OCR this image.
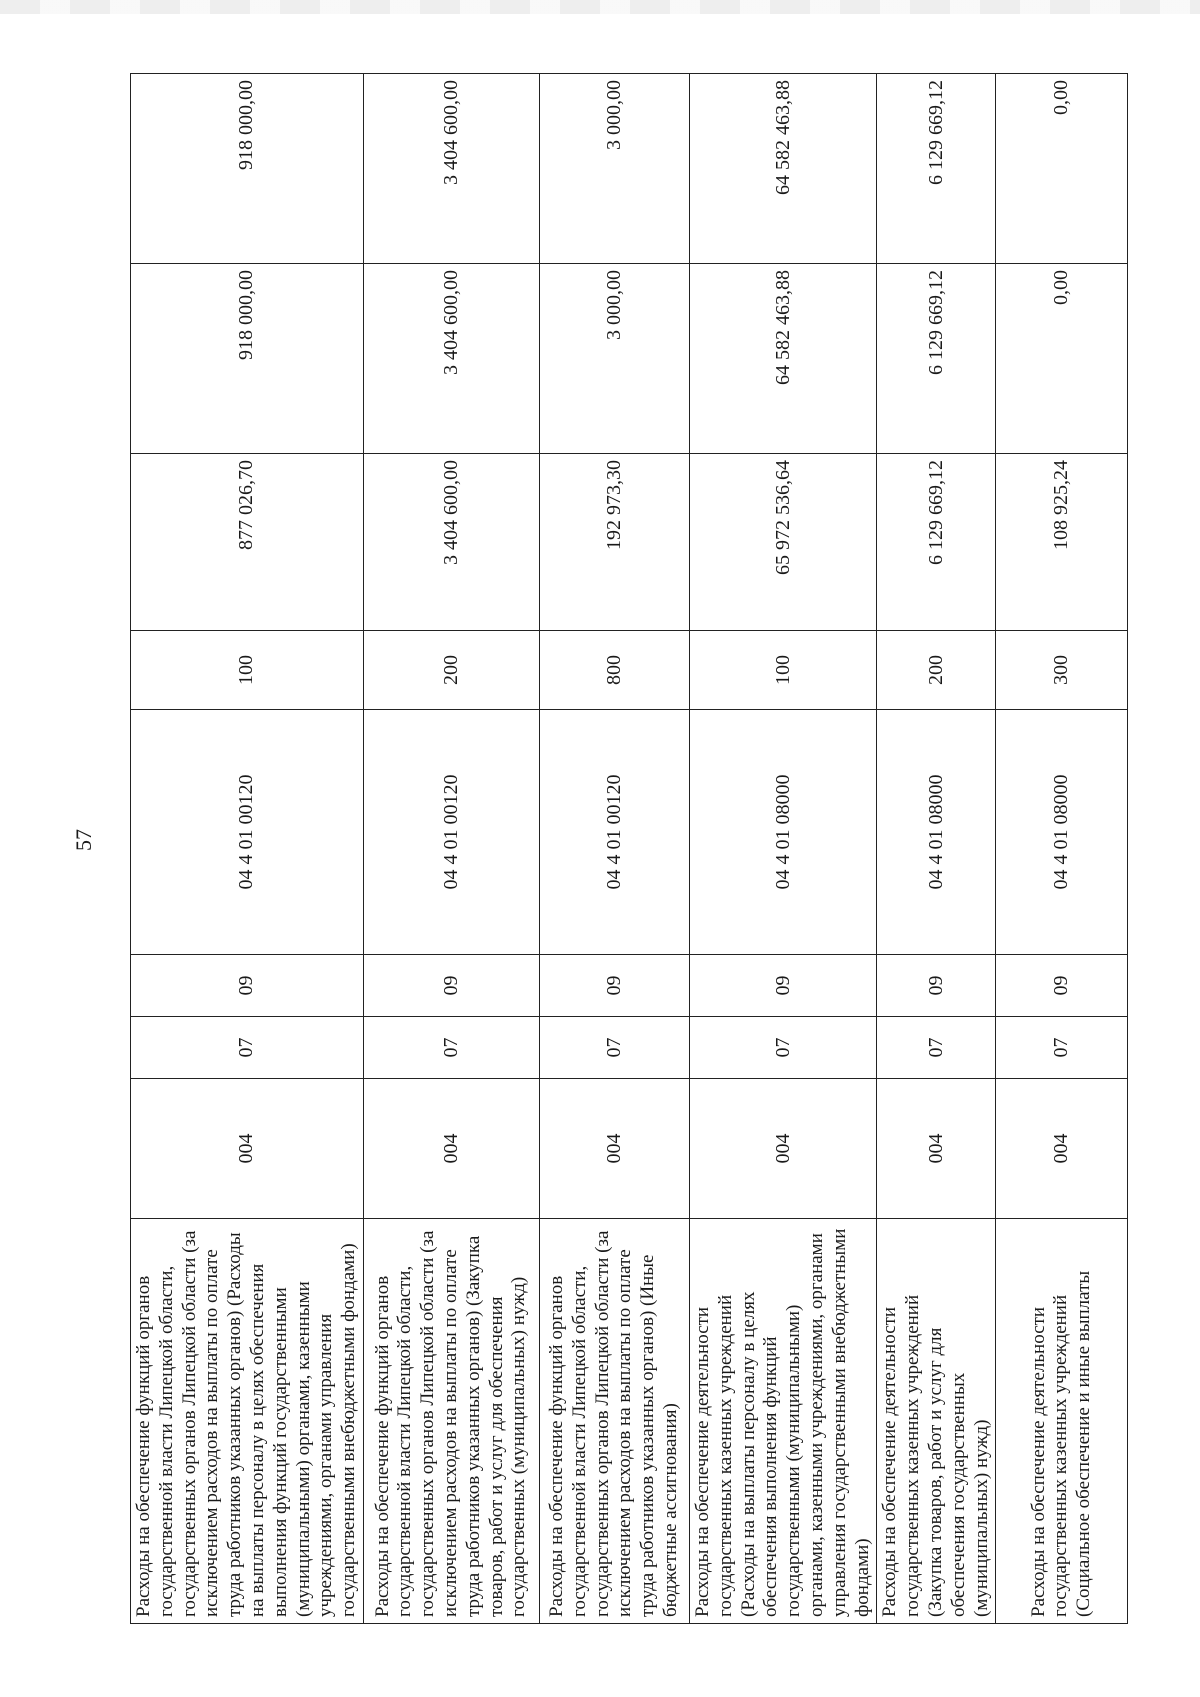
57
Расходы на обеспечение функций органов государственной власти Липецкой области, государственных органов Липецкой области (за исключением расходов на выплаты по оплате труда работников указанных органов) (Расходы на выплаты персоналу в целях обеспечения выполнения функций государственными (муниципальными) органами, казенными учреждениями, органами управления государственными внебюджетными фондами)	004	07	09	04 4 01 00120	100	877 026,70	918 000,00	918 000,00
Расходы на обеспечение функций органов государственной власти Липецкой области, государственных органов Липецкой области (за исключением расходов на выплаты по оплате труда работников указанных органов) (Закупка товаров, работ и услуг для обеспечения государственных (муниципальных) нужд)	004	07	09	04 4 01 00120	200	3 404 600,00	3 404 600,00	3 404 600,00
Расходы на обеспечение функций органов государственной власти Липецкой области, государственных органов Липецкой области (за исключением расходов на выплаты по оплате труда работников указанных органов) (Иные бюджетные ассигнования)	004	07	09	04 4 01 00120	800	192 973,30	3 000,00	3 000,00
Расходы на обеспечение деятельности государственных казенных учреждений (Расходы на выплаты персоналу в целях обеспечения выполнения функций государственными (муниципальными) органами, казенными учреждениями, органами управления государственными внебюджетными фондами)	004	07	09	04 4 01 08000	100	65 972 536,64	64 582 463,88	64 582 463,88
Расходы на обеспечение деятельности государственных казенных учреждений (Закупка товаров, работ и услуг для обеспечения государственных (муниципальных) нужд)	004	07	09	04 4 01 08000	200	6 129 669,12	6 129 669,12	6 129 669,12
Расходы на обеспечение деятельности государственных казенных учреждений (Социальное обеспечение и иные выплаты	004	07	09	04 4 01 08000	300	108 925,24	0,00	0,00
